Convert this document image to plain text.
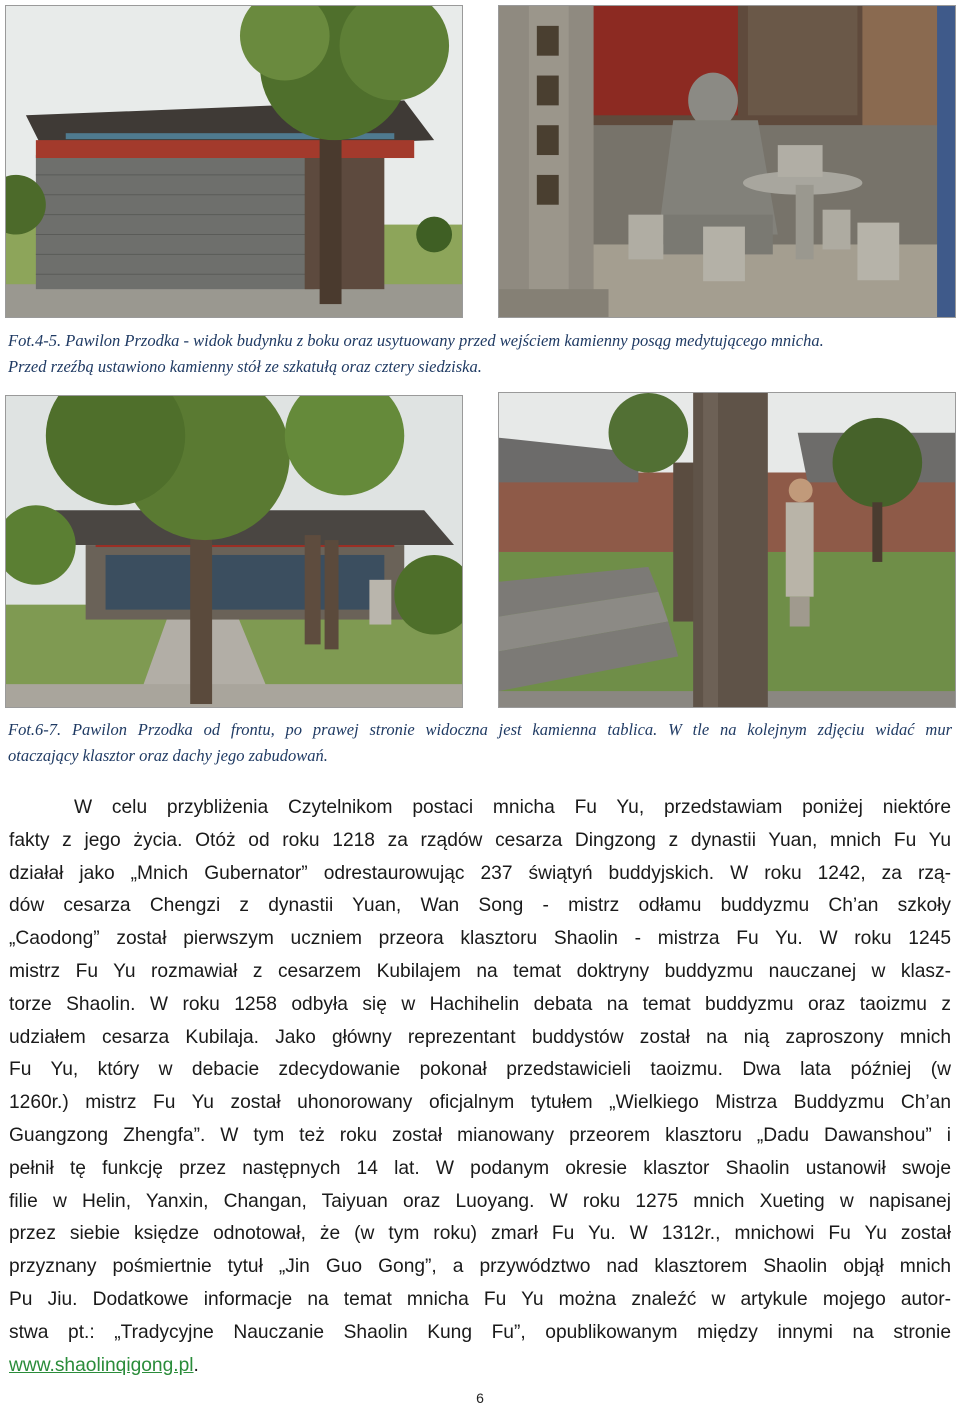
Fot.4-5. Pawilon Przodka - widok budynku z boku oraz usytuowany przed wejściem kamienny posąg medytującego mnicha.
Przed rzeźbą ustawiono kamienny stół ze szkatułą oraz cztery siedziska.
Fot.6-7. Pawilon Przodka od frontu, po prawej stronie widoczna jest kamienna tablica. W tle na kolejnym zdjęciu widać mur
otaczający klasztor oraz dachy jego zabudowań.
W celu przybliżenia Czytelnikom postaci mnicha Fu Yu, przedstawiam poniżej niektóre
fakty z jego życia. Otóż od roku 1218 za rządów cesarza Dingzong z dynastii Yuan, mnich Fu Yu
działał jako „Mnich Gubernator” odrestaurowując 237 świątyń buddyjskich. W roku 1242, za rzą-
dów cesarza Chengzi z dynastii Yuan, Wan Song - mistrz odłamu buddyzmu Ch’an szkoły
„Caodong” został pierwszym uczniem przeora klasztoru Shaolin - mistrza Fu Yu. W roku 1245
mistrz Fu Yu rozmawiał z cesarzem Kubilajem na temat doktryny buddyzmu nauczanej w klasz-
torze Shaolin. W roku 1258 odbyła się w Hachihelin debata na temat buddyzmu oraz taoizmu z
udziałem cesarza Kubilaja. Jako główny reprezentant buddystów został na nią zaproszony mnich
Fu Yu, który w debacie zdecydowanie pokonał przedstawicieli taoizmu. Dwa lata później (w
1260r.) mistrz Fu Yu został uhonorowany oficjalnym tytułem „Wielkiego Mistrza Buddyzmu Ch’an
Guangzong Zhengfa”. W tym też roku został mianowany przeorem klasztoru „Dadu Dawanshou” i
pełnił tę funkcję przez następnych 14 lat. W podanym okresie klasztor Shaolin ustanowił swoje
filie w Helin, Yanxin, Changan, Taiyuan oraz Luoyang. W roku 1275 mnich Xueting w napisanej
przez siebie księdze odnotował, że (w tym roku) zmarł Fu Yu. W 1312r., mnichowi Fu Yu został
przyznany pośmiertnie tytuł „Jin Guo Gong”, a przywództwo nad klasztorem Shaolin objął mnich
Pu Jiu. Dodatkowe informacje na temat mnicha Fu Yu można znaleźć w artykule mojego autor-
stwa pt.: „Tradycyjne Nauczanie Shaolin Kung Fu”, opublikowanym między innymi na stronie
www.shaolinqigong.pl.
6
